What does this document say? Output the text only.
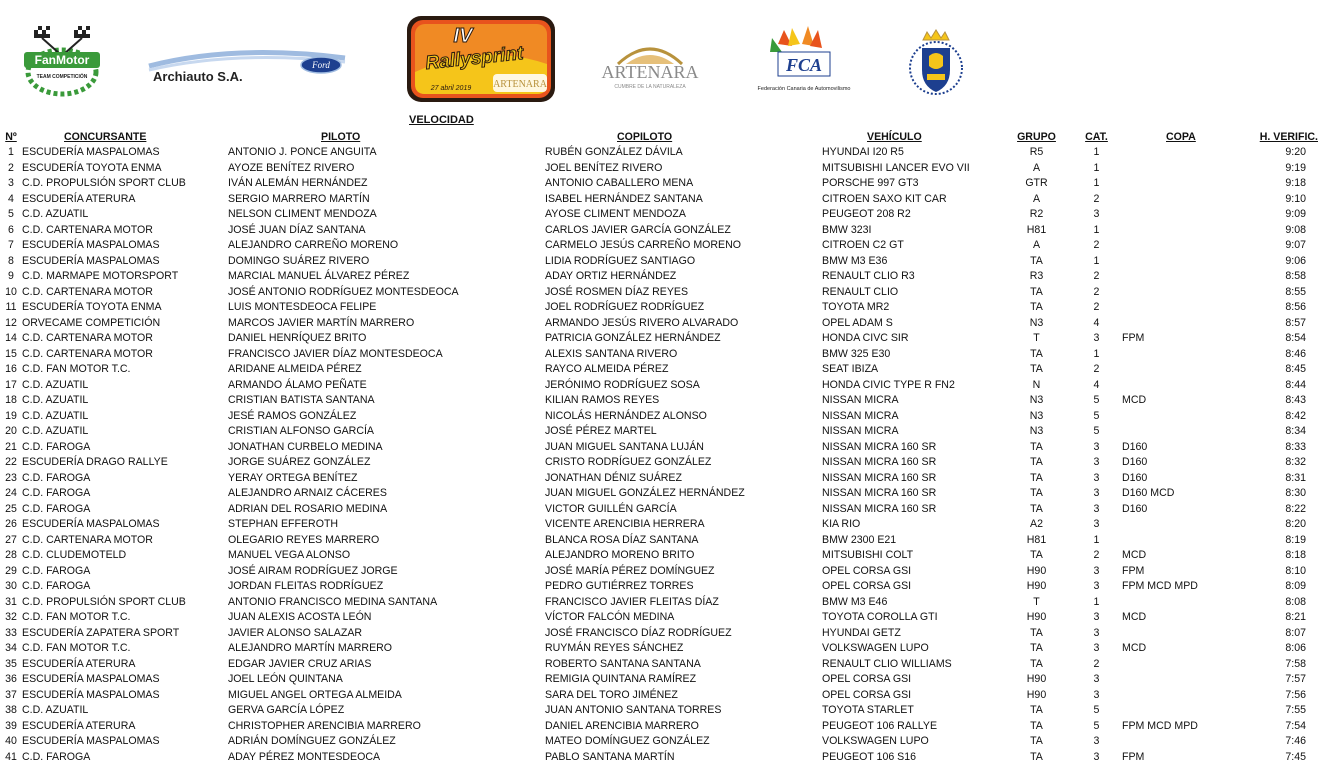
FanMotor
TEAM COMPETICIÓN
Ford
Archiauto S.A.
IV
Rallysprint
27 abril 2019 ARTENARA
ARTENARA
CUMBRE DE LA NATURALEZA
FCA
Federación Canaria de Automovilismo
VELOCIDAD
Nº	CONCURSANTE	PILOTO	COPILOTO	VEHÍCULO	GRUPO	CAT.	COPA	H. VERIFIC.
1	ESCUDERÍA MASPALOMAS	ANTONIO J. PONCE ANGUITA	RUBÉN GONZÁLEZ DÁVILA	HYUNDAI I20 R5	R5	1		9:20
2	ESCUDERÍA TOYOTA ENMA	AYOZE BENÍTEZ RIVERO	JOEL BENÍTEZ RIVERO	MITSUBISHI LANCER EVO VII	A	1		9:19
3	C.D. PROPULSIÓN SPORT CLUB	IVÁN ALEMÁN HERNÁNDEZ	ANTONIO CABALLERO MENA	PORSCHE 997 GT3	GTR	1		9:18
4	ESCUDERÍA ATERURA	SERGIO MARRERO MARTÍN	ISABEL HERNÁNDEZ SANTANA	CITROEN SAXO KIT CAR	A	2		9:10
5	C.D. AZUATIL	NELSON CLIMENT MENDOZA	AYOSE CLIMENT MENDOZA	PEUGEOT 208 R2	R2	3		9:09
6	C.D. CARTENARA MOTOR	JOSÉ JUAN DÍAZ SANTANA	CARLOS JAVIER GARCÍA GONZÁLEZ	BMW 323I	H81	1		9:08
7	ESCUDERÍA MASPALOMAS	ALEJANDRO CARREÑO MORENO	CARMELO JESÚS CARREÑO MORENO	CITROEN C2 GT	A	2		9:07
8	ESCUDERÍA MASPALOMAS	DOMINGO SUÁREZ RIVERO	LIDIA RODRÍGUEZ SANTIAGO	BMW M3 E36	TA	1		9:06
9	C.D. MARMAPE MOTORSPORT	MARCIAL MANUEL ÁLVAREZ PÉREZ	ADAY ORTIZ HERNÁNDEZ	RENAULT CLIO R3	R3	2		8:58
10	C.D. CARTENARA MOTOR	JOSÉ ANTONIO RODRÍGUEZ MONTESDEOCA	JOSÉ ROSMEN DÍAZ REYES	RENAULT CLIO	TA	2		8:55
11	ESCUDERÍA TOYOTA ENMA	LUIS MONTESDEOCA FELIPE	JOEL RODRÍGUEZ RODRÍGUEZ	TOYOTA MR2	TA	2		8:56
12	ORVECAME COMPETICIÓN	MARCOS JAVIER MARTÍN MARRERO	ARMANDO JESÚS RIVERO ALVARADO	OPEL ADAM S	N3	4		8:57
14	C.D. CARTENARA MOTOR	DANIEL HENRÍQUEZ BRITO	PATRICIA GONZÁLEZ HERNÁNDEZ	HONDA CIVC SIR	T	3	FPM	8:54
15	C.D. CARTENARA MOTOR	FRANCISCO JAVIER DÍAZ MONTESDEOCA	ALEXIS SANTANA RIVERO	BMW 325 E30	TA	1		8:46
16	C.D. FAN MOTOR T.C.	ARIDANE ALMEIDA PÉREZ	RAYCO ALMEIDA PÉREZ	SEAT IBIZA	TA	2		8:45
17	C.D. AZUATIL	ARMANDO ÁLAMO PEÑATE	JERÓNIMO RODRÍGUEZ SOSA	HONDA CIVIC TYPE R FN2	N	4		8:44
18	C.D. AZUATIL	CRISTIAN BATISTA SANTANA	KILIAN RAMOS REYES	NISSAN MICRA	N3	5	MCD	8:43
19	C.D. AZUATIL	JESÉ RAMOS GONZÁLEZ	NICOLÁS HERNÁNDEZ ALONSO	NISSAN MICRA	N3	5		8:42
20	C.D. AZUATIL	CRISTIAN ALFONSO GARCÍA	JOSÉ PÉREZ MARTEL	NISSAN MICRA	N3	5		8:34
21	C.D. FAROGA	JONATHAN CURBELO MEDINA	JUAN MIGUEL SANTANA LUJÁN	NISSAN MICRA 160 SR	TA	3	D160	8:33
22	ESCUDERÍA DRAGO RALLYE	JORGE SUÁREZ GONZÁLEZ	CRISTO RODRÍGUEZ GONZÁLEZ	NISSAN MICRA 160 SR	TA	3	D160	8:32
23	C.D. FAROGA	YERAY ORTEGA BENÍTEZ	JONATHAN DÉNIZ SUÁREZ	NISSAN MICRA 160 SR	TA	3	D160	8:31
24	C.D. FAROGA	ALEJANDRO ARNAIZ CÁCERES	JUAN MIGUEL GONZÁLEZ HERNÁNDEZ	NISSAN MICRA 160 SR	TA	3	D160 MCD	8:30
25	C.D. FAROGA	ADRIAN DEL ROSARIO MEDINA	VICTOR GUILLÉN GARCÍA	NISSAN MICRA 160 SR	TA	3	D160	8:22
26	ESCUDERÍA MASPALOMAS	STEPHAN EFFEROTH	VICENTE ARENCIBIA HERRERA	KIA RIO	A2	3		8:20
27	C.D. CARTENARA MOTOR	OLEGARIO REYES MARRERO	BLANCA ROSA DÍAZ SANTANA	BMW 2300 E21	H81	1		8:19
28	C.D. CLUDEMOTELD	MANUEL VEGA ALONSO	ALEJANDRO MORENO BRITO	MITSUBISHI COLT	TA	2	MCD	8:18
29	C.D. FAROGA	JOSÉ AIRAM RODRÍGUEZ JORGE	JOSÉ MARÍA PÉREZ DOMÍNGUEZ	OPEL CORSA GSI	H90	3	FPM	8:10
30	C.D. FAROGA	JORDAN FLEITAS RODRÍGUEZ	PEDRO GUTIÉRREZ TORRES	OPEL CORSA GSI	H90	3	FPM MCD MPD	8:09
31	C.D. PROPULSIÓN SPORT CLUB	ANTONIO FRANCISCO MEDINA SANTANA	FRANCISCO JAVIER FLEITAS DÍAZ	BMW M3 E46	T	1		8:08
32	C.D. FAN MOTOR T.C.	JUAN ALEXIS ACOSTA LEÓN	VÍCTOR FALCÓN MEDINA	TOYOTA COROLLA GTI	H90	3	MCD	8:21
33	ESCUDERÍA ZAPATERA SPORT	JAVIER ALONSO SALAZAR	JOSÉ FRANCISCO DÍAZ RODRÍGUEZ	HYUNDAI GETZ	TA	3		8:07
34	C.D. FAN MOTOR T.C.	ALEJANDRO MARTÍN MARRERO	RUYMÁN REYES SÁNCHEZ	VOLKSWAGEN LUPO	TA	3	MCD	8:06
35	ESCUDERÍA ATERURA	EDGAR JAVIER CRUZ ARIAS	ROBERTO SANTANA SANTANA	RENAULT CLIO WILLIAMS	TA	2		7:58
36	ESCUDERÍA MASPALOMAS	JOEL LEÓN QUINTANA	REMIGIA QUINTANA RAMÍREZ	OPEL CORSA GSI	H90	3		7:57
37	ESCUDERÍA MASPALOMAS	MIGUEL ANGEL ORTEGA ALMEIDA	SARA DEL TORO JIMÉNEZ	OPEL CORSA GSI	H90	3		7:56
38	C.D. AZUATIL	GERVA GARCÍA LÓPEZ	JUAN ANTONIO SANTANA TORRES	TOYOTA STARLET	TA	5		7:55
39	ESCUDERÍA ATERURA	CHRISTOPHER ARENCIBIA MARRERO	DANIEL ARENCIBIA MARRERO	PEUGEOT 106 RALLYE	TA	5	FPM MCD MPD	7:54
40	ESCUDERÍA MASPALOMAS	ADRIÁN DOMÍNGUEZ GONZÁLEZ	MATEO DOMÍNGUEZ GONZÁLEZ	VOLKSWAGEN LUPO	TA	3		7:46
41	C.D. FAROGA	ADAY PÉREZ MONTESDEOCA	PABLO SANTANA MARTÍN	PEUGEOT 106 S16	TA	3	FPM	7:45
